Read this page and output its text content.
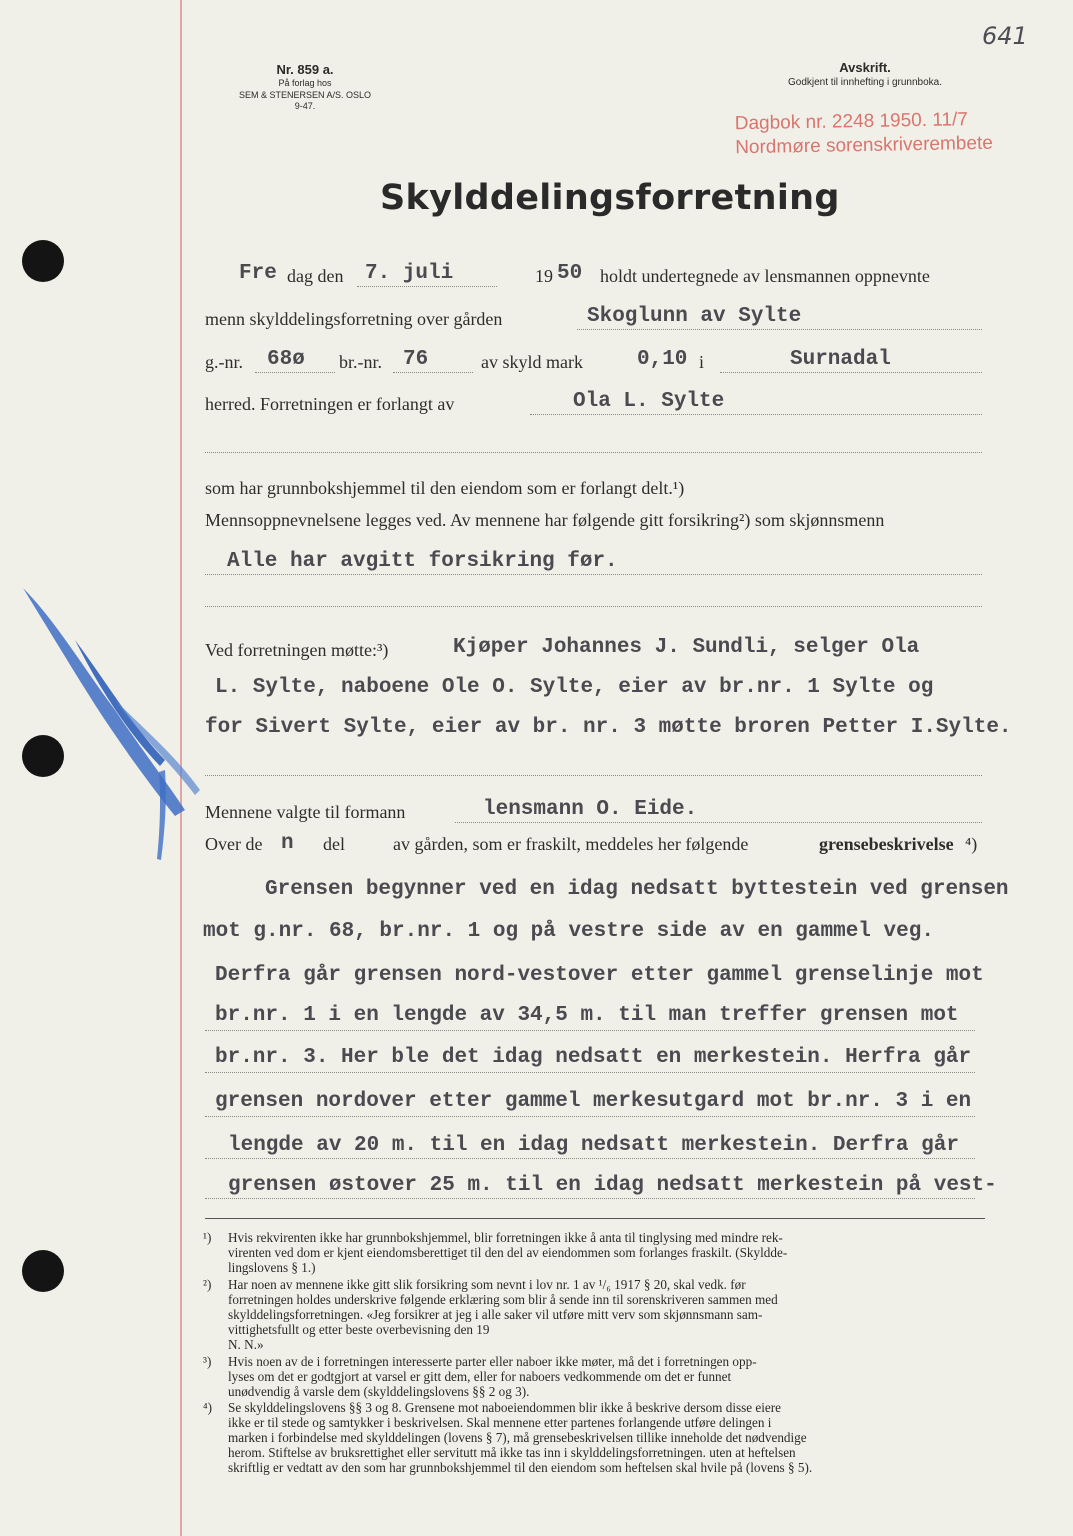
641
Nr. 859 a.
På forlag hos
SEM & STENERSEN A/S. OSLO
9-47.
Avskrift.
Godkjent til innhefting i grunnboka.
Dagbok nr. 2248 1950. 11/7
Nordmøre sorenskriverembete
Skylddelingsforretning
Fre dag den 7. juli	19 50 holdt undertegnede av lensmannen oppnevnte
menn skylddelingsforretning over gården	Skoglunn av Sylte
g.-nr. 68ø br.-nr. 76	av skyld mark	0,10 i	Surnadal
herred. Forretningen er forlangt av	Ola L. Sylte
som har grunnbokshjemmel til den eiendom som er forlangt delt.¹)
Mennsoppnevnelsene legges ved. Av mennene har følgende gitt forsikring²) som skjønnsmenn
Alle har avgitt forsikring før.
Ved forretningen møtte:³)	Kjøper Johannes J. Sundli, selger Ola
L. Sylte, naboene Ole O. Sylte, eier av br.nr. 1 Sylte og
for Sivert Sylte, eier av br. nr. 3 møtte broren Petter I.Sylte.
Mennene valgte til formann	lensmann O. Eide.
Over de n del	av gården, som er fraskilt, meddeles her følgende	grensebeskrivelse ⁴)
Grensen begynner ved en idag nedsatt byttestein ved grensen
mot g.nr. 68, br.nr. 1 og på vestre side av en gammel veg.
Derfra går grensen nord-vestover etter gammel grenselinje mot
br.nr. 1 i en lengde av 34,5 m. til man treffer grensen mot
br.nr. 3. Her ble det idag nedsatt en merkestein. Herfra går
grensen nordover etter gammel merkesutgard mot br.nr. 3 i en
lengde av 20 m. til en idag nedsatt merkestein. Derfra går
grensen østover 25 m. til en idag nedsatt merkestein på vest-
¹) Hvis rekvirenten ikke har grunnbokshjemmel, blir forretningen ikke å anta til tinglysing med mindre rek-
virenten ved dom er kjent eiendomsberettiget til den del av eiendommen som forlanges fraskilt. (Skyldde-
lingslovens § 1.)
²) Har noen av mennene ikke gitt slik forsikring som nevnt i lov nr. 1 av ¹/₆ 1917 § 20, skal vedk. før
forretningen holdes underskrive følgende erklæring som blir å sende inn til sorenskriveren sammen med
skylddelingsforretningen. «Jeg forsikrer at jeg i alle saker vil utføre mitt verv som skjønnsmann sam-
vittighetsfullt og etter beste overbevisning den 19
N. N.»
³) Hvis noen av de i forretningen interesserte parter eller naboer ikke møter, må det i forretningen opp-
lyses om det er godtgjort at varsel er gitt dem, eller for naboers vedkommende om det er funnet
unødvendig å varsle dem (skylddelingslovens §§ 2 og 3).
⁴) Se skylddelingslovens §§ 3 og 8. Grensene mot naboeiendommen blir ikke å beskrive dersom disse eiere
ikke er til stede og samtykker i beskrivelsen. Skal mennene etter partenes forlangende utføre delingen i
marken i forbindelse med skylddelingen (lovens § 7), må grensebeskrivelsen tillike inneholde det nødvendige
herom. Stiftelse av bruksrettighet eller servitutt må ikke tas inn i skylddelingsforretningen. uten at heftelsen
skriftlig er vedtatt av den som har grunnbokshjemmel til den eiendom som heftelsen skal hvile på (lovens § 5).
